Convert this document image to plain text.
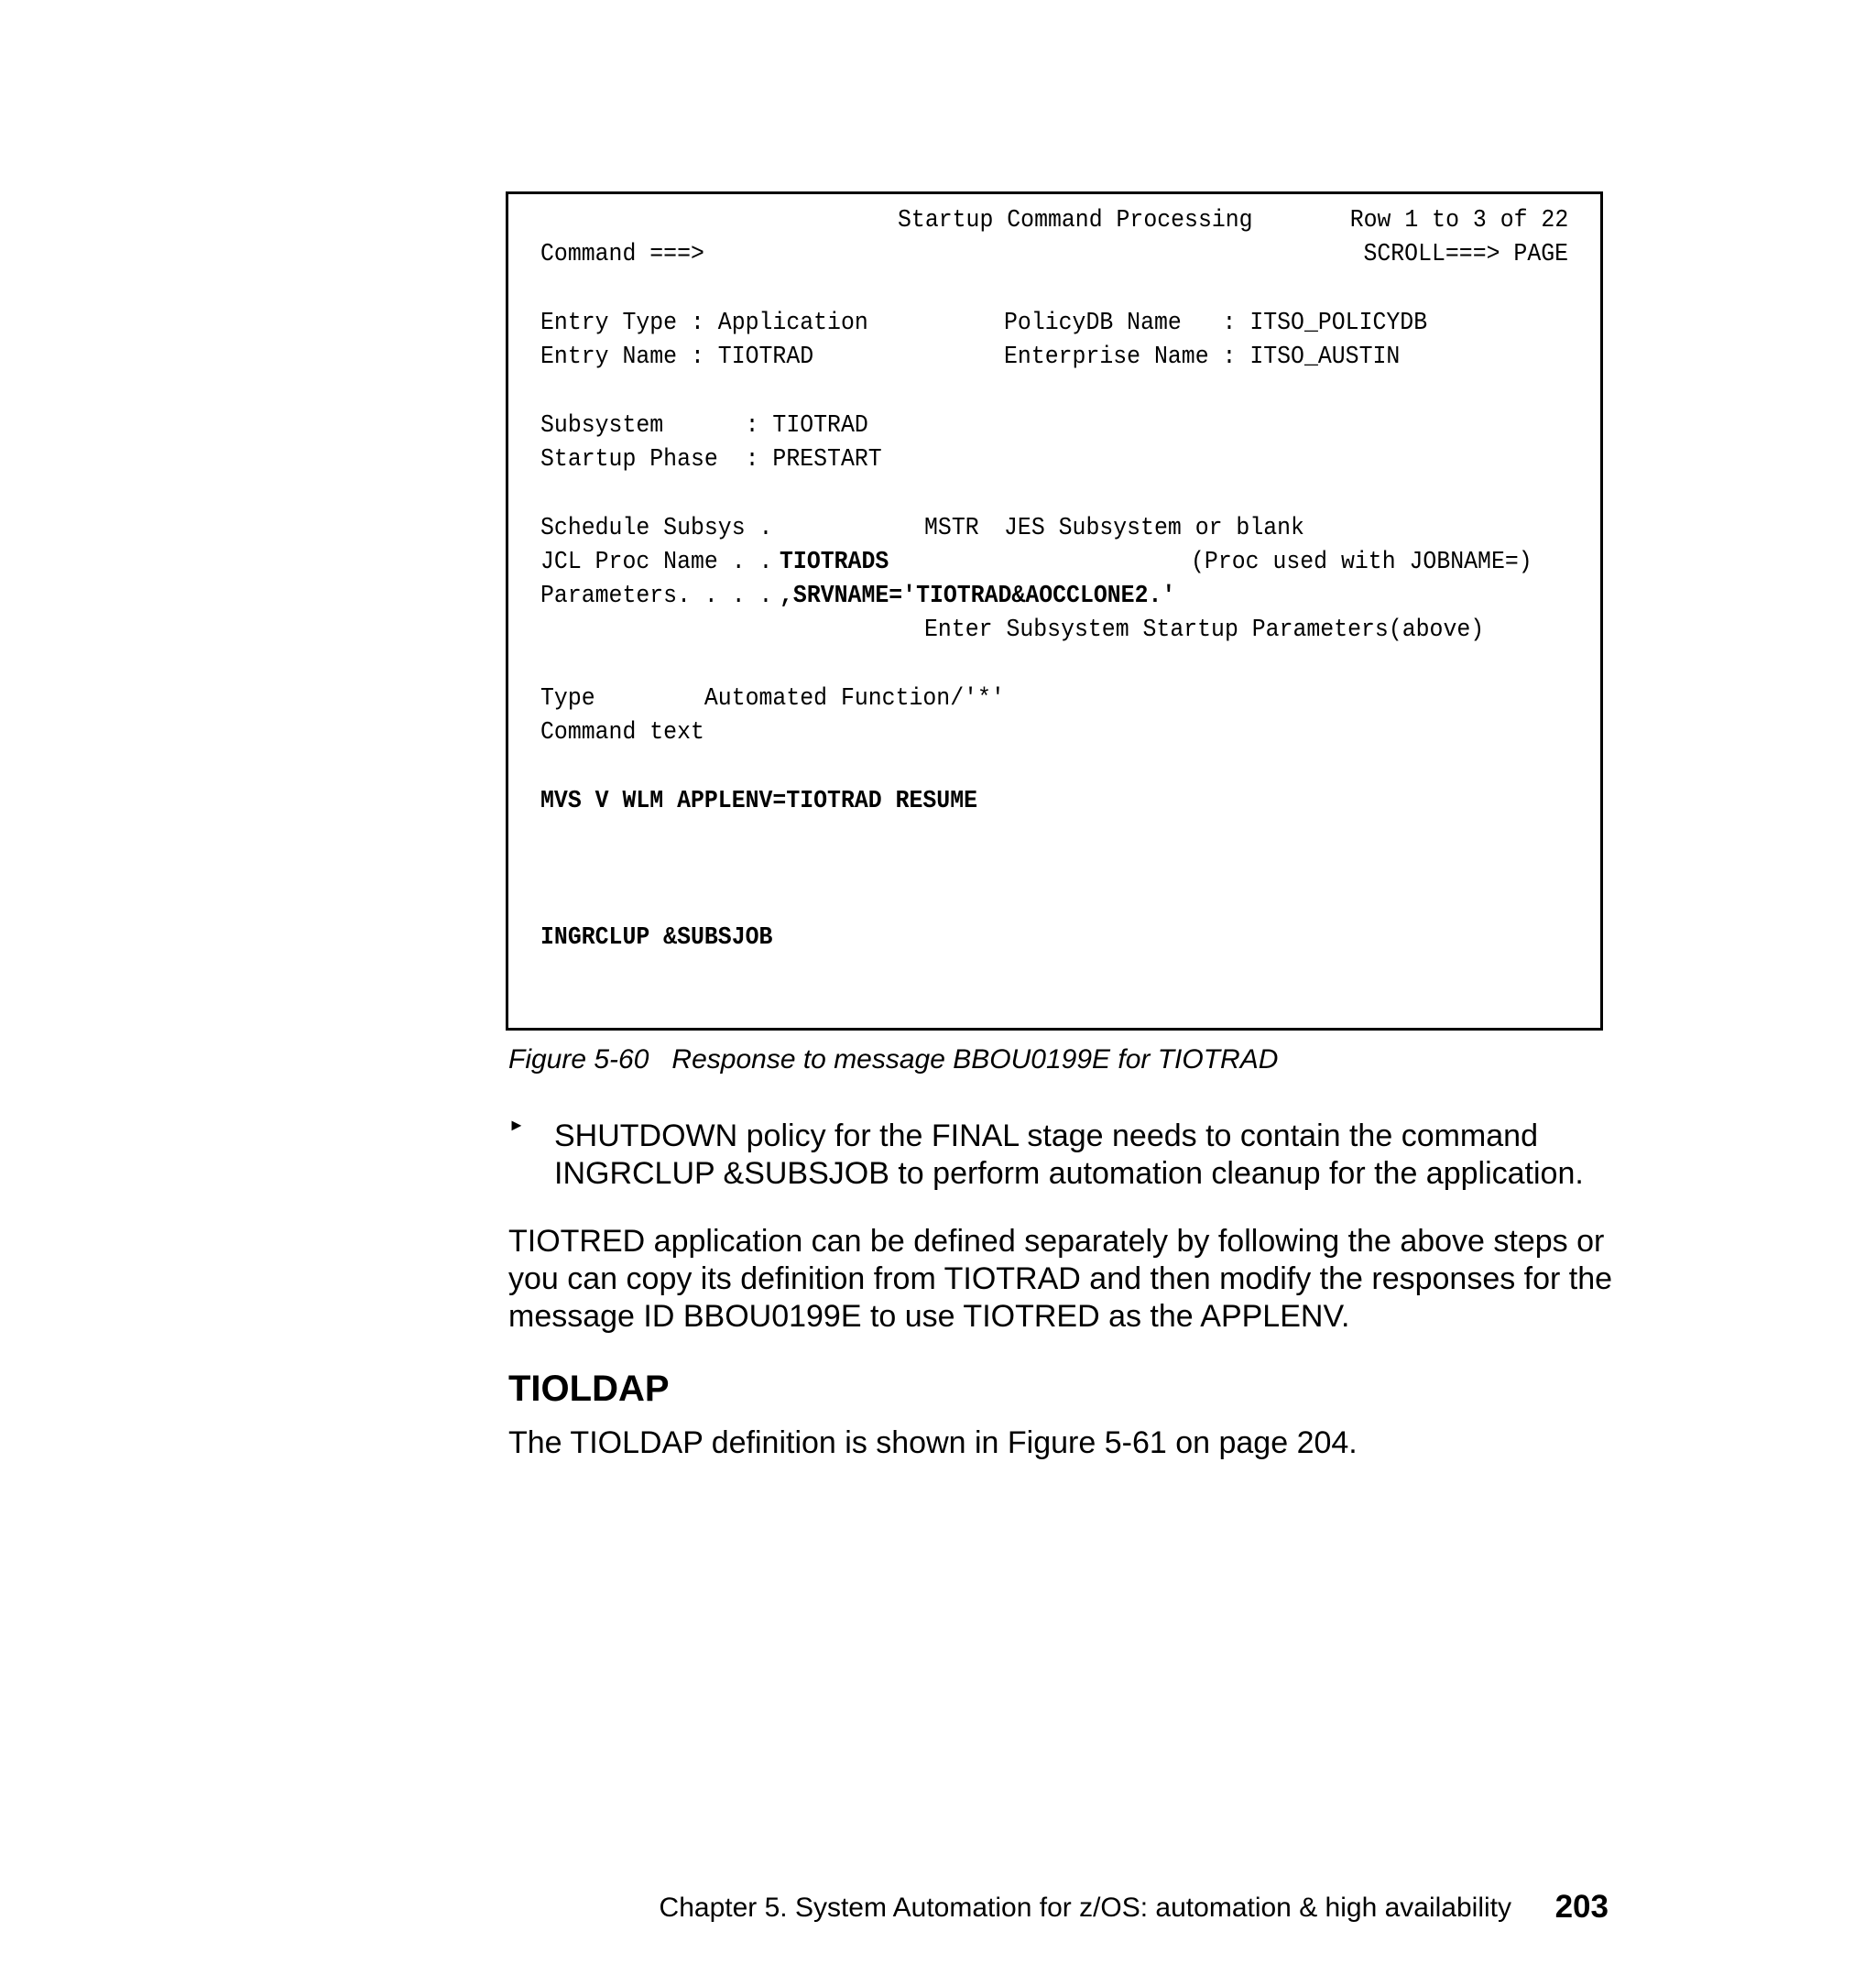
Startup Command Processing	Row 1 to 3 of 22
Command ===>	SCROLL===> PAGE
Entry Type : Application	PolicyDB Name   : ITSO_POLICYDB
Entry Name : TIOTRAD	Enterprise Name : ITSO_AUSTIN
Subsystem      : TIOTRAD
Startup Phase  : PRESTART
Schedule Subsys .	MSTR JES Subsystem or blank
JCL Proc Name . . TIOTRADS	(Proc used with JOBNAME=)
Parameters. . . . ,SRVNAME='TIOTRAD&AOCCLONE2.'
Enter Subsystem Startup Parameters(above)
Type        Automated Function/'*'
Command text
MVS V WLM APPLENV=TIOTRAD RESUME
INGRCLUP &SUBSJOB
Figure 5-60   Response to message BBOU0199E for TIOTRAD
► SHUTDOWN policy for the FINAL stage needs to contain the command
INGRCLUP &SUBSJOB to perform automation cleanup for the application.
TIOTRED application can be defined separately by following the above steps or
you can copy its definition from TIOTRAD and then modify the responses for the
message ID BBOU0199E to use TIOTRED as the APPLENV.
TIOLDAP
The TIOLDAP definition is shown in Figure 5-61 on page 204.
Chapter 5. System Automation for z/OS: automation & high availability 203
